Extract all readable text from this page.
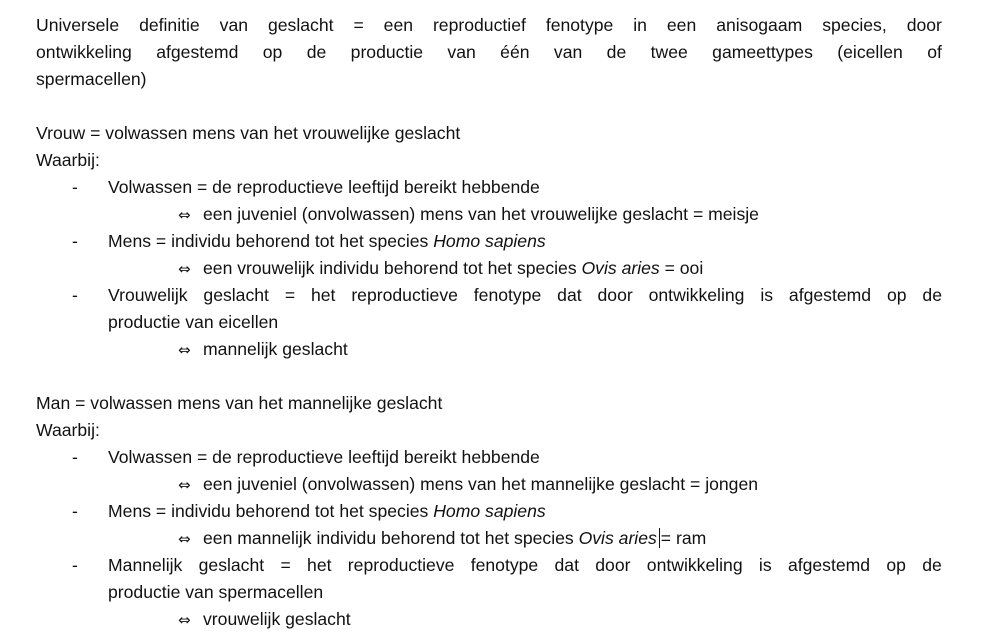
Universele definitie van geslacht = een reproductief fenotype in een anisogaam species, door
ontwikkeling afgestemd op de productie van één van de twee gameettypes (eicellen of
spermacellen)
Vrouw = volwassen mens van het vrouwelijke geslacht
Waarbij:
- Volwassen = de reproductieve leeftijd bereikt hebbende
⇔ een juveniel (onvolwassen) mens van het vrouwelijke geslacht = meisje
- Mens = individu behorend tot het species Homo sapiens
⇔ een vrouwelijk individu behorend tot het species Ovis aries = ooi
Vrouwelijk geslacht = het reproductieve fenotype dat door ontwikkeling is afgestemd op de
-
productie van eicellen
⇔ mannelijk geslacht
Man = volwassen mens van het mannelijke geslacht
Waarbij:
- Volwassen = de reproductieve leeftijd bereikt hebbende
⇔ een juveniel (onvolwassen) mens van het mannelijke geslacht = jongen
- Mens = individu behorend tot het species Homo sapiens
⇔ een mannelijk individu behorend tot het species Ovis aries = ram
Mannelijk geslacht = het reproductieve fenotype dat door ontwikkeling is afgestemd op de
-
productie van spermacellen
⇔ vrouwelijk geslacht
